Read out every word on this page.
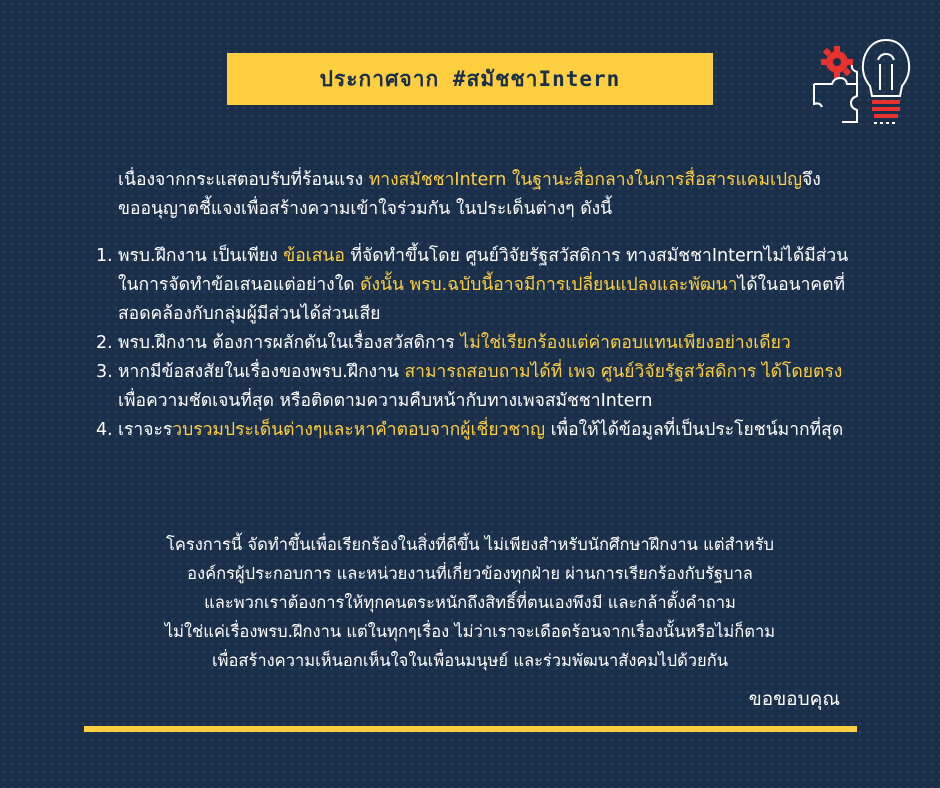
ประกาศจาก #สมัชชาIntern
เนื่องจากกระแสตอบรับที่ร้อนแรง ทางสมัชชาIntern ในฐานะสื่อกลางในการสื่อสารแคมเปญจึงขออนุญาตชี้แจงเพื่อสร้างความเข้าใจร่วมกัน ในประเด็นต่างๆ ดังนี้
1. พรบ.ฝึกงาน เป็นเพียง ข้อเสนอ ที่จัดทำขึ้นโดย ศูนย์วิจัยรัฐสวัสดิการ ทางสมัชชาInternไม่ได้มีส่วนในการจัดทำข้อเสนอแต่อย่างใด ดังนั้น พรบ.ฉบับนี้อาจมีการเปลี่ยนแปลงและพัฒนาได้ในอนาคตที่สอดคล้องกับกลุ่มผู้มีส่วนได้ส่วนเสีย
2. พรบ.ฝึกงาน ต้องการผลักดันในเรื่องสวัสดิการ ไม่ใช่เรียกร้องแต่ค่าตอบแทนเพียงอย่างเดียว
3. หากมีข้อสงสัยในเรื่องของพรบ.ฝึกงาน สามารถสอบถามได้ที่ เพจ ศูนย์วิจัยรัฐสวัสดิการ ได้โดยตรง เพื่อความชัดเจนที่สุด หรือติดตามความคืบหน้ากับทางเพจสมัชชาIntern
4. เราจะรวบรวมประเด็นต่างๆและหาคำตอบจากผู้เชี่ยวชาญ เพื่อให้ได้ข้อมูลที่เป็นประโยชน์มากที่สุด
โครงการนี้ จัดทำขึ้นเพื่อเรียกร้องในสิ่งที่ดีขึ้น ไม่เพียงสำหรับนักศึกษาฝึกงาน แต่สำหรับ
องค์กรผู้ประกอบการ และหน่วยงานที่เกี่ยวข้องทุกฝ่าย ผ่านการเรียกร้องกับรัฐบาล
และพวกเราต้องการให้ทุกคนตระหนักถึงสิทธิ์ที่ตนเองพึงมี และกล้าตั้งคำถาม
ไม่ใช่แค่เรื่องพรบ.ฝึกงาน แต่ในทุกๆเรื่อง ไม่ว่าเราจะเดือดร้อนจากเรื่องนั้นหรือไม่ก็ตาม
เพื่อสร้างความเห็นอกเห็นใจในเพื่อนมนุษย์ และร่วมพัฒนาสังคมไปด้วยกัน
ขอขอบคุณ
